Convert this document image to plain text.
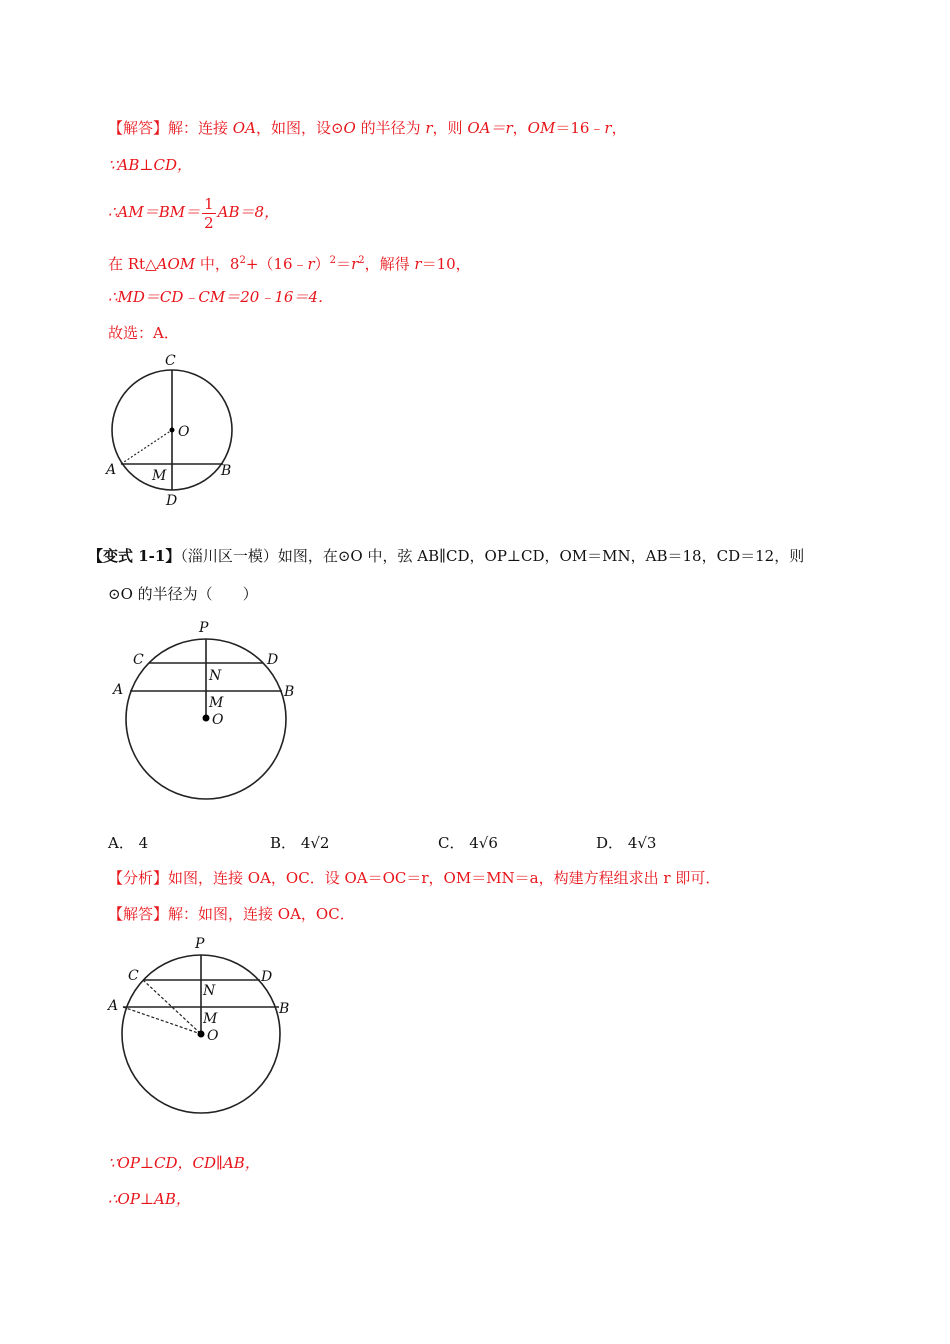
【解答】解：连接 OA，如图，设⊙O 的半径为 r，则 OA＝r，OM＝16﹣r，
∵AB⊥CD，
∴AM＝BM＝ $\frac{1}{2} AB=8$，
在 Rt△AOM 中，$8^2+(16﹣r)^2=r^2$，解得 r＝10，
∴MD＝CD﹣CM＝20﹣16＝4．
故选：A．
C
O
A	M	B
D
【变式 1-1】（淄川区一模）如图，在⊙O 中，弦 AB∥CD，OP⊥CD，OM＝MN，AB＝18，CD＝12，则
⊙O 的半径为（　　）
P
C	D
N
A	B
M
O
A． 4	B． 4√2	C． 4√6	D． 4√3
【分析】如图，连接 OA，OC．设 OA＝OC＝r，OM＝MN＝a，构建方程组求出 r 即可．
【解答】解：如图，连接 OA，OC．
P
C	D
N
A	B
M
O
∵OP⊥CD，CD∥AB，
∴OP⊥AB，
